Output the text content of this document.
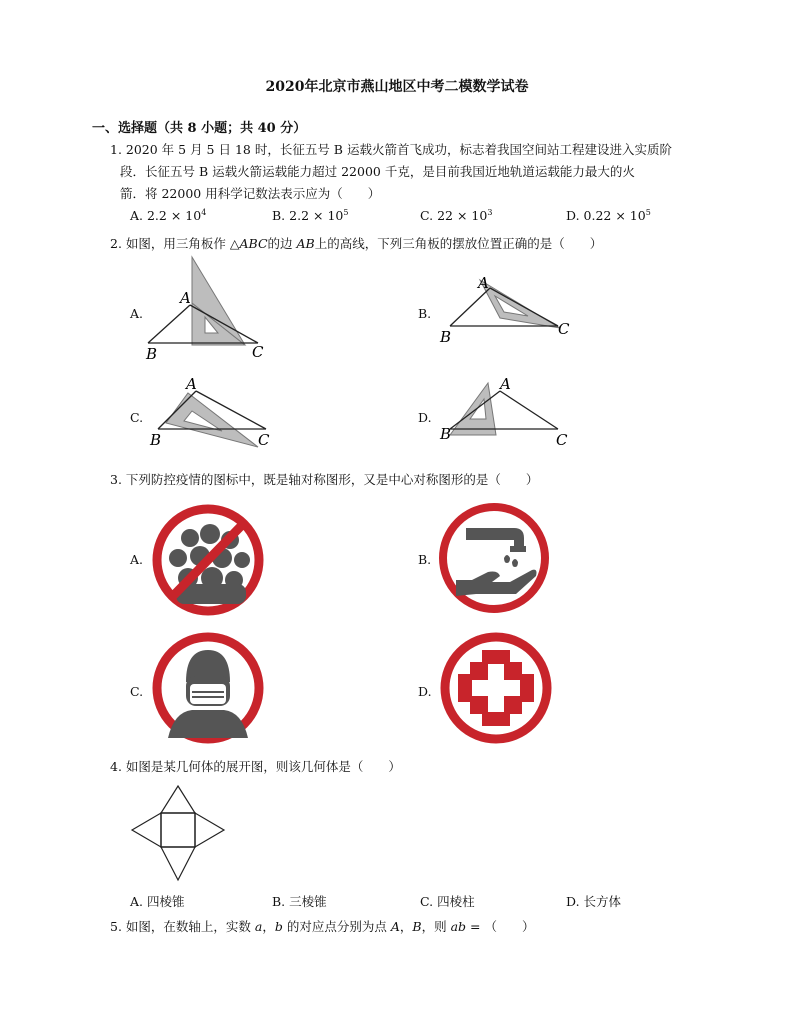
2020年北京市燕山地区中考二模数学试卷
一、选择题（共 8 小题；共 40 分）
1. 2020 年 5 月 5 日 18 时，长征五号 B 运载火箭首飞成功，标志着我国空间站工程建设进入实质阶
段．长征五号 B 运载火箭运载能力超过 22000 千克，是目前我国近地轨道运载能力最大的火
箭．将 22000 用科学记数法表示应为（　　）
A. $2.2 \times 10^4$	B. $2.2 \times 10^5$	C. $22 \times 10^3$	D. $0.22 \times 10^5$
2. 如图，用三角板作 △ABC的边 AB上的高线，下列三角板的摆放位置正确的是（　　）
A.
A
B	C
B.
A
B	C
C.
A
B	C
D.
A
B	C
3. 下列防控疫情的图标中，既是轴对称图形，又是中心对称图形的是（　　）
A.	B.
C.	D.
4. 如图是某几何体的展开图，则该几何体是（　　）
A. 四棱锥	B. 三棱锥	C. 四棱柱	D. 长方体
5. 如图，在数轴上，实数 a，b 的对应点分别为点 A，B，则 ab = （　　）
